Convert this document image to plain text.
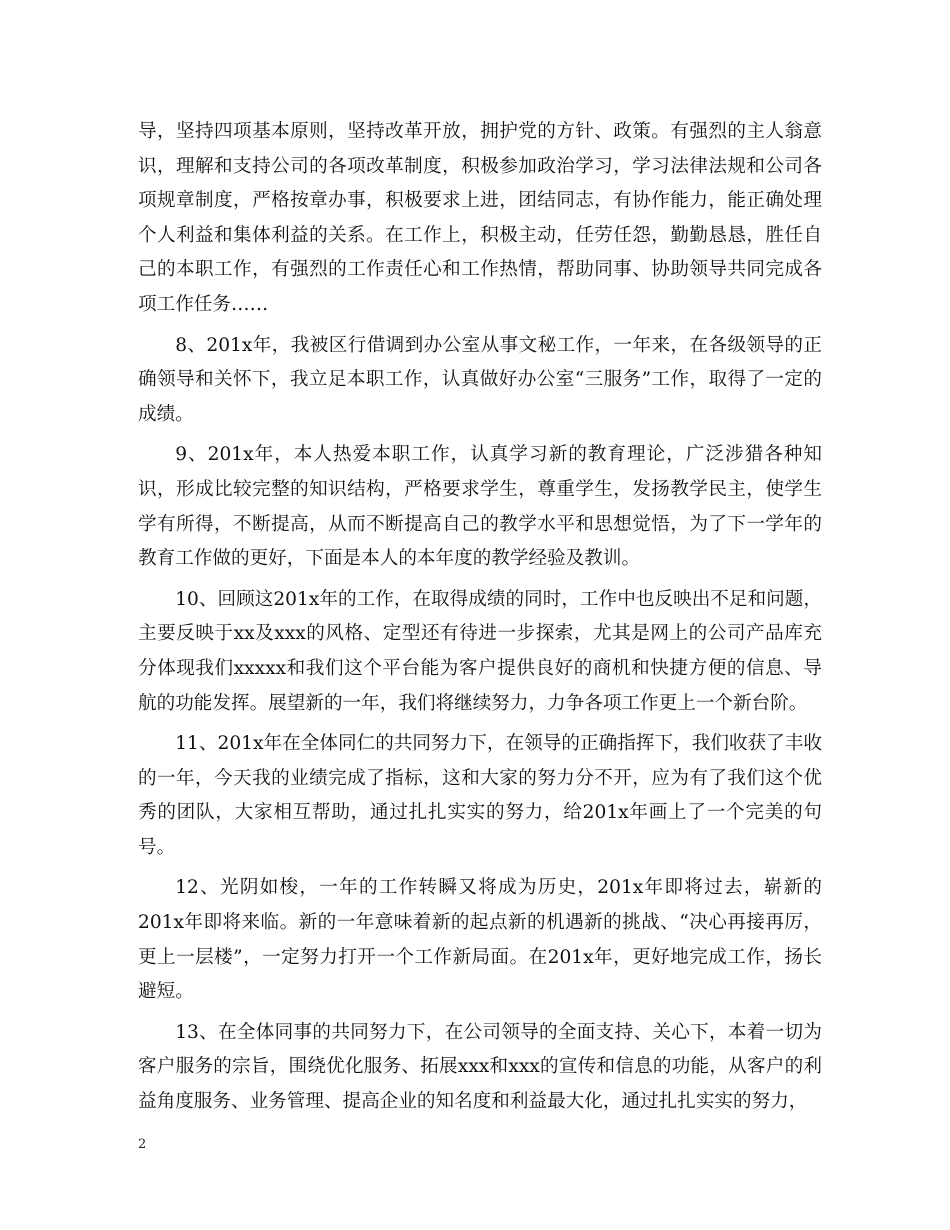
导，坚持四项基本原则，坚持改革开放，拥护党的方针、政策。有强烈的主人翁意识，理解和支持公司的各项改革制度，积极参加政治学习，学习法律法规和公司各项规章制度，严格按章办事，积极要求上进，团结同志，有协作能力，能正确处理个人利益和集体利益的关系。在工作上，积极主动，任劳任怨，勤勤恳恳，胜任自己的本职工作，有强烈的工作责任心和工作热情，帮助同事、协助领导共同完成各项工作任务……

8、201x年，我被区行借调到办公室从事文秘工作，一年来，在各级领导的正确领导和关怀下，我立足本职工作，认真做好办公室“三服务”工作，取得了一定的成绩。

9、201x年，本人热爱本职工作，认真学习新的教育理论，广泛涉猎各种知识，形成比较完整的知识结构，严格要求学生，尊重学生，发扬教学民主，使学生学有所得，不断提高，从而不断提高自己的教学水平和思想觉悟，为了下一学年的教育工作做的更好，下面是本人的本年度的教学经验及教训。

10、回顾这201x年的工作，在取得成绩的同时，工作中也反映出不足和问题，主要反映于xx及xxx的风格、定型还有待进一步探索，尤其是网上的公司产品库充分体现我们xxxxx和我们这个平台能为客户提供良好的商机和快捷方便的信息、导航的功能发挥。展望新的一年，我们将继续努力，力争各项工作更上一个新台阶。

11、201x年在全体同仁的共同努力下，在领导的正确指挥下，我们收获了丰收的一年，今天我的业绩完成了指标，这和大家的努力分不开，应为有了我们这个优秀的团队，大家相互帮助，通过扎扎实实的努力，给201x年画上了一个完美的句号。

12、光阴如梭，一年的工作转瞬又将成为历史，201x年即将过去，崭新的201x年即将来临。新的一年意味着新的起点新的机遇新的挑战、“决心再接再厉，更上一层楼”，一定努力打开一个工作新局面。在201x年，更好地完成工作，扬长避短。

13、在全体同事的共同努力下，在公司领导的全面支持、关心下，本着一切为客户服务的宗旨，围绕优化服务、拓展xxx和xxx的宣传和信息的功能，从客户的利益角度服务、业务管理、提高企业的知名度和利益最大化，通过扎扎实实的努力，

2
